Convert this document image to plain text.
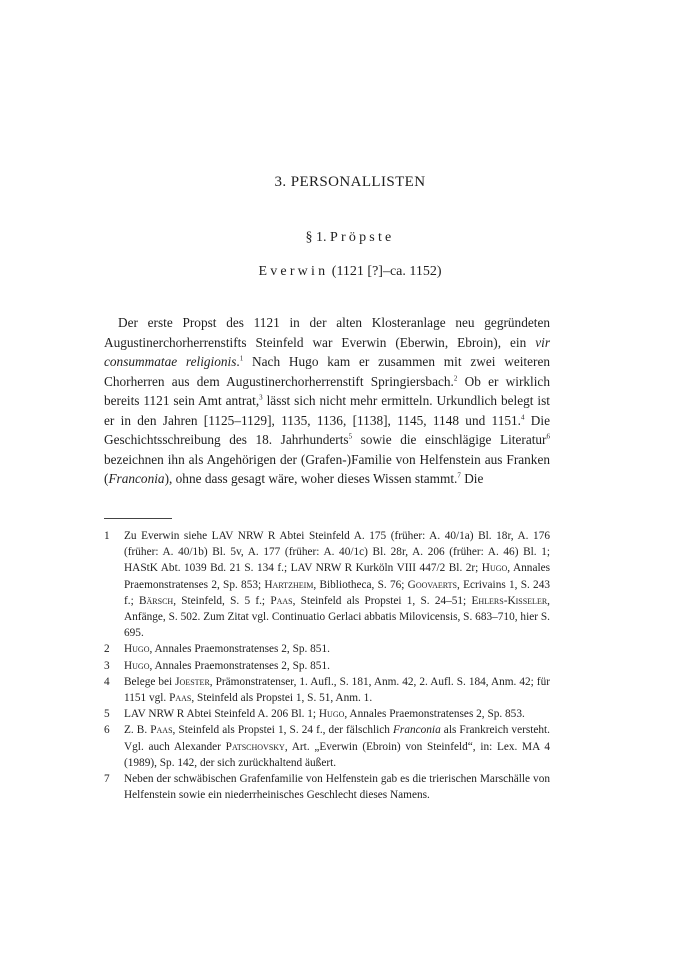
3. PERSONALLISTEN
§ 1. Pröpste
Everwin (1121 [?]–ca. 1152)

Der erste Propst des 1121 in der alten Klosteranlage neu gegründeten Augustinerchorherrenstifts Steinfeld war Everwin (Eberwin, Ebroin), ein vir consummatae religionis.$^1$ Nach Hugo kam er zusammen mit zwei weiteren Chorherren aus dem Augustinerchorherrenstift Springiersbach.$^2$ Ob er wirklich bereits 1121 sein Amt antrat,$^3$ lässt sich nicht mehr ermitteln. Urkundlich belegt ist er in den Jahren [1125–1129], 1135, 1136, [1138], 1145, 1148 und 1151.$^4$ Die Geschichtsschreibung des 18. Jahrhunderts$^5$ sowie die einschlägige Literatur$^6$ bezeichnen ihn als Angehörigen der (Grafen-)Familie von Helfenstein aus Franken (Franconia), ohne dass gesagt wäre, woher dieses Wissen stammt.$^7$ Die

1 Zu Everwin siehe LAV NRW R Abtei Steinfeld A. 175 (früher: A. 40/1a) Bl. 18r, A. 176 (früher: A. 40/1b) Bl. 5v, A. 177 (früher: A. 40/1c) Bl. 28r, A. 206 (früher: A. 46) Bl. 1; HAStK Abt. 1039 Bd. 21 S. 134 f.; LAV NRW R Kurköln VIII 447/2 Bl. 2r; Hugo, Annales Praemonstratenses 2, Sp. 853; Hartzheim, Bibliotheca, S. 76; Goovaerts, Ecrivains 1, S. 243 f.; Bärsch, Steinfeld, S. 5 f.; Paas, Steinfeld als Propstei 1, S. 24–51; Ehlers-Kisseler, Anfänge, S. 502. Zum Zitat vgl. Continuatio Gerlaci abbatis Milovicensis, S. 683–710, hier S. 695.
2 Hugo, Annales Praemonstratenses 2, Sp. 851.
3 Hugo, Annales Praemonstratenses 2, Sp. 851.
4 Belege bei Joester, Prämonstratenser, 1. Aufl., S. 181, Anm. 42, 2. Aufl. S. 184, Anm. 42; für 1151 vgl. Paas, Steinfeld als Propstei 1, S. 51, Anm. 1.
5 LAV NRW R Abtei Steinfeld A. 206 Bl. 1; Hugo, Annales Praemonstratenses 2, Sp. 853.
6 Z. B. Paas, Steinfeld als Propstei 1, S. 24 f., der fälschlich Franconia als Frankreich versteht. Vgl. auch Alexander Patschovsky, Art. „Everwin (Ebroin) von Steinfeld“, in: Lex. MA 4 (1989), Sp. 142, der sich zurückhaltend äußert.
7 Neben der schwäbischen Grafenfamilie von Helfenstein gab es die trierischen Marschälle von Helfenstein sowie ein niederrheinisches Geschlecht dieses Namens.
